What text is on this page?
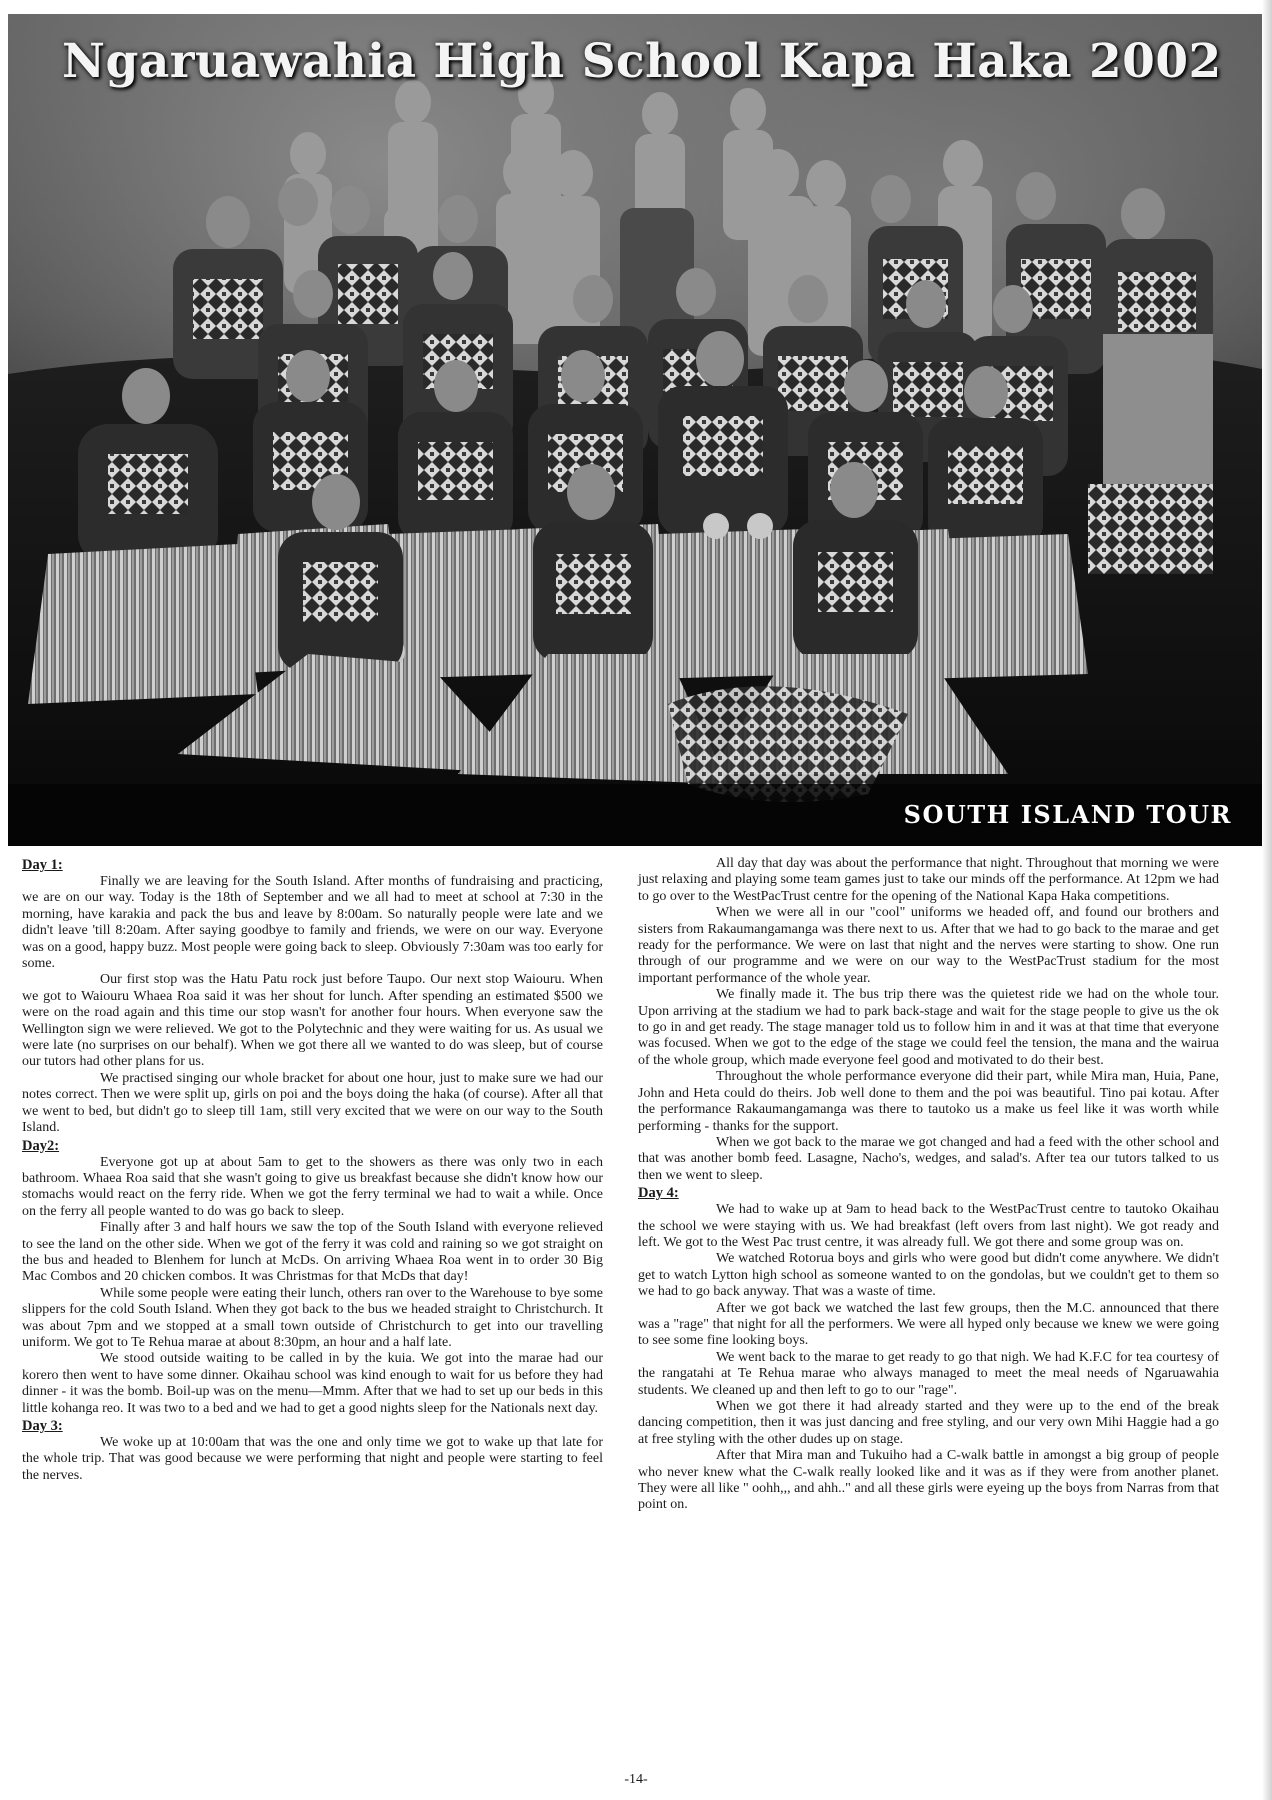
Ngaruawahia High School Kapa Haka 2002
SOUTH ISLAND TOUR
Day 1:

Finally we are leaving for the South Island. After months of fundraising and practicing, we are on our way. Today is the 18th of September and we all had to meet at school at 7:30 in the morning, have karakia and pack the bus and leave by 8:00am. So naturally people were late and we didn't leave 'till 8:20am. After saying goodbye to family and friends, we were on our way. Everyone was on a good, happy buzz. Most people were going back to sleep. Obviously 7:30am was too early for some.

Our first stop was the Hatu Patu rock just before Taupo. Our next stop Waiouru. When we got to Waiouru Whaea Roa said it was her shout for lunch. After spending an estimated $500 we were on the road again and this time our stop wasn't for another four hours. When everyone saw the Wellington sign we were relieved. We got to the Polytechnic and they were waiting for us. As usual we were late (no surprises on our behalf). When we got there all we wanted to do was sleep, but of course our tutors had other plans for us.

We practised singing our whole bracket for about one hour, just to make sure we had our notes correct. Then we were split up, girls on poi and the boys doing the haka (of course). After all that we went to bed, but didn't go to sleep till 1am, still very excited that we were on our way to the South Island.

Day2:

Everyone got up at about 5am to get to the showers as there was only two in each bathroom. Whaea Roa said that she wasn't going to give us breakfast because she didn't know how our stomachs would react on the ferry ride. When we got the ferry terminal we had to wait a while. Once on the ferry all people wanted to do was go back to sleep.

Finally after 3 and half hours we saw the top of the South Island with everyone relieved to see the land on the other side. When we got of the ferry it was cold and raining so we got straight on the bus and headed to Blenhem for lunch at McDs. On arriving Whaea Roa went in to order 30 Big Mac Combos and 20 chicken combos. It was Christmas for that McDs that day!

While some people were eating their lunch, others ran over to the Warehouse to bye some slippers for the cold South Island. When they got back to the bus we headed straight to Christchurch. It was about 7pm and we stopped at a small town outside of Christchurch to get into our travelling uniform. We got to Te Rehua marae at about 8:30pm, an hour and a half late.

We stood outside waiting to be called in by the kuia. We got into the marae had our korero then went to have some dinner. Okaihau school was kind enough to wait for us before they had dinner - it was the bomb. Boil-up was on the menu—Mmm. After that we had to set up our beds in this little kohanga reo. It was two to a bed and we had to get a good nights sleep for the Nationals next day.

Day 3:

We woke up at 10:00am that was the one and only time we got to wake up that late for the whole trip. That was good because we were performing that night and people were starting to feel the nerves.

All day that day was about the performance that night. Throughout that morning we were just relaxing and playing some team games just to take our minds off the performance. At 12pm we had to go over to the WestPacTrust centre for the opening of the National Kapa Haka competitions.

When we were all in our "cool" uniforms we headed off, and found our brothers and sisters from Rakaumangamanga was there next to us. After that we had to go back to the marae and get ready for the performance. We were on last that night and the nerves were starting to show. One run through of our programme and we were on our way to the WestPacTrust stadium for the most important performance of the whole year.

We finally made it. The bus trip there was the quietest ride we had on the whole tour. Upon arriving at the stadium we had to park back-stage and wait for the stage people to give us the ok to go in and get ready. The stage manager told us to follow him in and it was at that time that everyone was focused. When we got to the edge of the stage we could feel the tension, the mana and the wairua of the whole group, which made everyone feel good and motivated to do their best.

Throughout the whole performance everyone did their part, while Mira man, Huia, Pane, John and Heta could do theirs. Job well done to them and the poi was beautiful. Tino pai kotau. After the performance Rakaumangamanga was there to tautoko us a make us feel like it was worth while performing - thanks for the support.

When we got back to the marae we got changed and had a feed with the other school and that was another bomb feed. Lasagne, Nacho's, wedges, and salad's. After tea our tutors talked to us then we went to sleep.

Day 4:

We had to wake up at 9am to head back to the WestPacTrust centre to tautoko Okaihau the school we were staying with us. We had breakfast (left overs from last night). We got ready and left. We got to the West Pac trust centre, it was already full. We got there and some group was on.

We watched Rotorua boys and girls who were good but didn't come anywhere. We didn't get to watch Lytton high school as someone wanted to on the gondolas, but we couldn't get to them so we had to go back anyway. That was a waste of time.

After we got back we watched the last few groups, then the M.C. announced that there was a "rage" that night for all the performers. We were all hyped only because we knew we were going to see some fine looking boys.

We went back to the marae to get ready to go that nigh. We had K.F.C for tea courtesy of the rangatahi at Te Rehua marae who always managed to meet the meal needs of Ngaruawahia students. We cleaned up and then left to go to our "rage".

When we got there it had already started and they were up to the end of the break dancing competition, then it was just dancing and free styling, and our very own Mihi Haggie had a go at free styling with the other dudes up on stage.

After that Mira man and Tukuiho had a C-walk battle in amongst a big group of people who never knew what the C-walk really looked like and it was as if they were from another planet. They were all like " oohh,,, and ahh.." and all these girls were eyeing up the boys from Narras from that point on.

-14-
